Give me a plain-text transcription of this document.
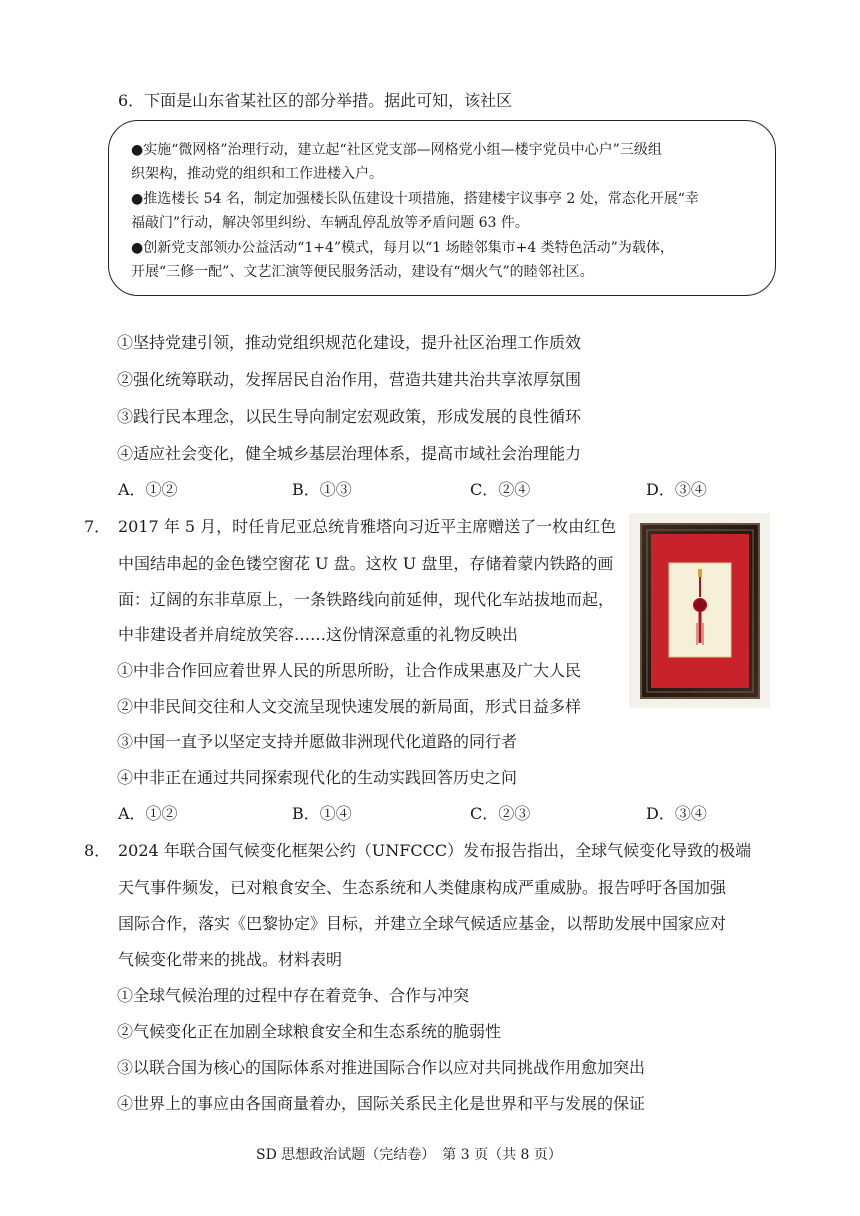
6．下面是山东省某社区的部分举措。据此可知，该社区
●实施“微网格”治理行动，建立起“社区党支部—网格党小组—楼宇党员中心户”三级组
织架构，推动党的组织和工作进楼入户。
●推选楼长 54 名，制定加强楼长队伍建设十项措施，搭建楼宇议事亭 2 处，常态化开展“幸
福敲门”行动，解决邻里纠纷、车辆乱停乱放等矛盾问题 63 件。
●创新党支部领办公益活动“1+4”模式，每月以“1 场睦邻集市+4 类特色活动”为载体，
开展“三修一配”、文艺汇演等便民服务活动，建设有“烟火气”的睦邻社区。
①坚持党建引领，推动党组织规范化建设，提升社区治理工作质效
②强化统筹联动，发挥居民自治作用，营造共建共治共享浓厚氛围
③践行民本理念，以民生导向制定宏观政策，形成发展的良性循环
④适应社会变化，健全城乡基层治理体系，提高市域社会治理能力
A．①②	B．①③	C．②④	D．③④
7． 2017 年 5 月，时任肯尼亚总统肯雅塔向习近平主席赠送了一枚由红色
中国结串起的金色镂空窗花 U 盘。这枚 U 盘里，存储着蒙内铁路的画
面：辽阔的东非草原上，一条铁路线向前延伸，现代化车站拔地而起，
中非建设者并肩绽放笑容……这份情深意重的礼物反映出
①中非合作回应着世界人民的所思所盼，让合作成果惠及广大人民
②中非民间交往和人文交流呈现快速发展的新局面，形式日益多样
③中国一直予以坚定支持并愿做非洲现代化道路的同行者
④中非正在通过共同探索现代化的生动实践回答历史之问
A．①②	B．①④	C．②③	D．③④
8． 2024 年联合国气候变化框架公约（UNFCCC）发布报告指出，全球气候变化导致的极端
天气事件频发，已对粮食安全、生态系统和人类健康构成严重威胁。报告呼吁各国加强
国际合作，落实《巴黎协定》目标，并建立全球气候适应基金，以帮助发展中国家应对
气候变化带来的挑战。材料表明
①全球气候治理的过程中存在着竞争、合作与冲突
②气候变化正在加剧全球粮食安全和生态系统的脆弱性
③以联合国为核心的国际体系对推进国际合作以应对共同挑战作用愈加突出
④世界上的事应由各国商量着办，国际关系民主化是世界和平与发展的保证
SD 思想政治试题（完结卷）　第 3 页（共 8 页）
